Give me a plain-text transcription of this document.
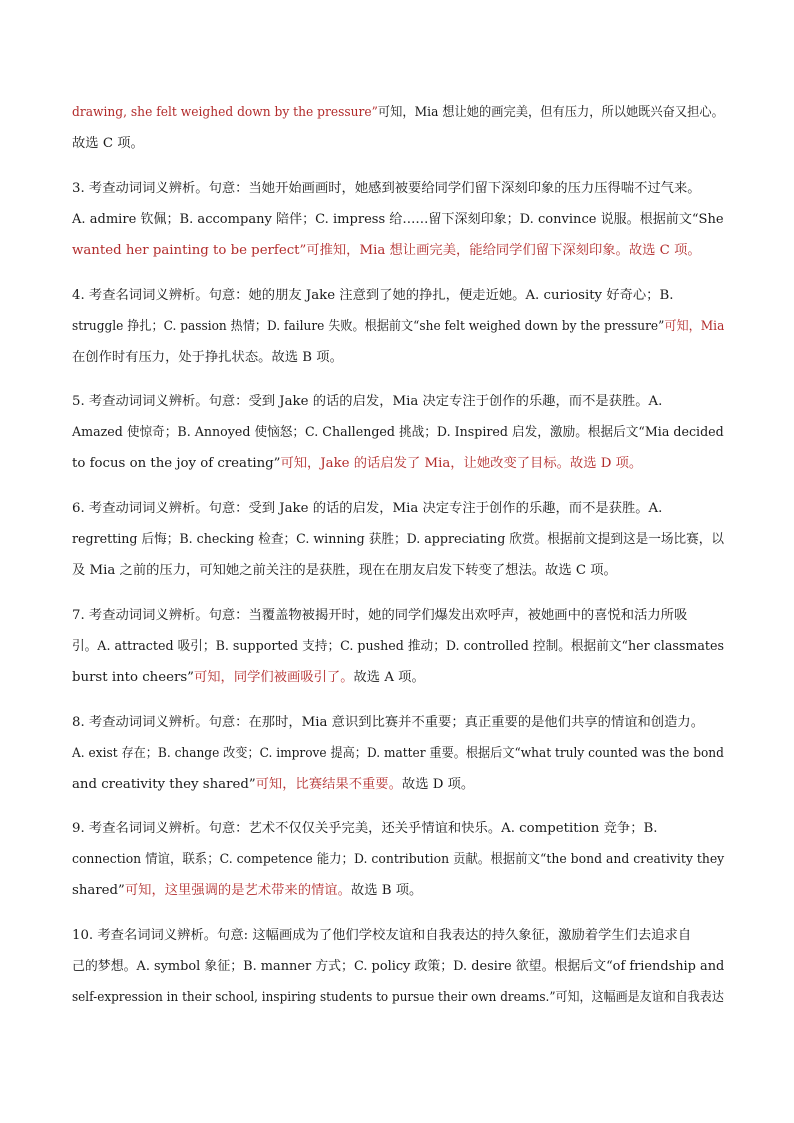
drawing, she felt weighed down by the pressure”可知，Mia 想让她的画完美，但有压力，所以她既兴奋又担心。
故选 C 项。
3. 考查动词词义辨析。句意：当她开始画画时，她感到被要给同学们留下深刻印象的压力压得喘不过气来。
A. admire 钦佩；B. accompany 陪伴；C. impress 给……留下深刻印象；D. convince 说服。根据前文“She
wanted her painting to be perfect”可推知，Mia 想让画完美，能给同学们留下深刻印象。故选 C 项。
4. 考查名词词义辨析。句意：她的朋友 Jake 注意到了她的挣扎，便走近她。A. curiosity 好奇心；B.
struggle 挣扎；C. passion 热情；D. failure 失败。根据前文“she felt weighed down by the pressure”可知，Mia
在创作时有压力，处于挣扎状态。故选 B 项。
5. 考查动词词义辨析。句意：受到 Jake 的话的启发，Mia 决定专注于创作的乐趣，而不是获胜。A.
Amazed 使惊奇；B. Annoyed 使恼怒；C. Challenged 挑战；D. Inspired 启发，激励。根据后文“Mia decided
to focus on the joy of creating”可知，Jake 的话启发了 Mia，让她改变了目标。故选 D 项。
6. 考查动词词义辨析。句意：受到 Jake 的话的启发，Mia 决定专注于创作的乐趣，而不是获胜。A.
regretting 后悔；B. checking 检查；C. winning 获胜；D. appreciating 欣赏。根据前文提到这是一场比赛，以
及 Mia 之前的压力，可知她之前关注的是获胜，现在在朋友启发下转变了想法。故选 C 项。
7. 考查动词词义辨析。句意：当覆盖物被揭开时，她的同学们爆发出欢呼声，被她画中的喜悦和活力所吸
引。A. attracted 吸引；B. supported 支持；C. pushed 推动；D. controlled 控制。根据前文“her classmates
burst into cheers”可知，同学们被画吸引了。故选 A 项。
8. 考查动词词义辨析。句意：在那时，Mia 意识到比赛并不重要；真正重要的是他们共享的情谊和创造力。
A. exist 存在；B. change 改变；C. improve 提高；D. matter 重要。根据后文“what truly counted was the bond
and creativity they shared”可知，比赛结果不重要。故选 D 项。
9. 考查名词词义辨析。句意：艺术不仅仅关乎完美，还关乎情谊和快乐。A. competition 竞争；B.
connection 情谊，联系；C. competence 能力；D. contribution 贡献。根据前文“the bond and creativity they
shared”可知，这里强调的是艺术带来的情谊。故选 B 项。
10. 考查名词词义辨析。句意: 这幅画成为了他们学校友谊和自我表达的持久象征，激励着学生们去追求自
己的梦想。A. symbol 象征；B. manner 方式；C. policy 政策；D. desire 欲望。根据后文“of friendship and
self-expression in their school, inspiring students to pursue their own dreams.”可知，这幅画是友谊和自我表达
